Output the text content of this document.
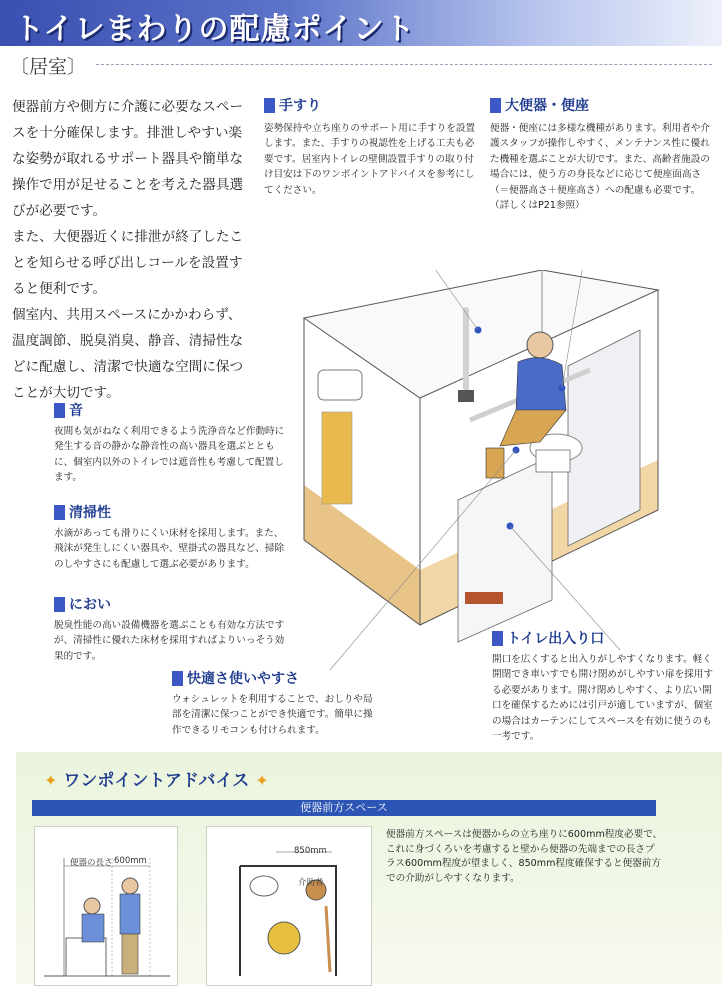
トイレまわりの配慮ポイント
〔居室〕

便器前方や側方に介護に必要なスペースを十分確保します。排泄しやすい楽な姿勢が取れるサポート器具や簡単な操作で用が足せることを考えた器具選びが必要です。

また、大便器近くに排泄が終了したことを知らせる呼び出しコールを設置すると便利です。

個室内、共用スペースにかかわらず、温度調節、脱臭消臭、静音、清掃性などに配慮し、清潔で快適な空間に保つことが大切です。

手すり
姿勢保持や立ち座りのサポート用に手すりを設置します。また、手すりの視認性を上げる工夫も必要です。居室内トイレの壁側設置手すりの取り付け目安は下のワンポイントアドバイスを参考にしてください。
大便器・便座
便器・便座には多様な機種があります。利用者や介護スタッフが操作しやすく、メンテナンス性に優れた機種を選ぶことが大切です。また、高齢者施設の場合には、使う方の身長などに応じて便座面高さ（＝便器高さ＋便座高さ）への配慮も必要です。（詳しくはP21参照）
音
夜間も気がねなく利用できるよう洗浄音など作動時に発生する音の静かな静音性の高い器具を選ぶとともに、個室内以外のトイレでは遮音性も考慮して配置します。
清掃性
水滴があっても滑りにくい床材を採用します。また、飛沫が発生しにくい器具や、壁掛式の器具など、掃除のしやすさにも配慮して選ぶ必要があります。
におい
脱臭性能の高い設備機器を選ぶことも有効な方法ですが、清掃性に優れた床材を採用すればよりいっそう効果的です。
快適さ使いやすさ
ウォシュレットを利用することで、おしりや局部を清潔に保つことができ快適です。簡単に操作できるリモコンも付けられます。
トイレ出入り口
開口を広くすると出入りがしやすくなります。軽く開閉でき車いすでも開け閉めがしやすい扉を採用する必要があります。開け閉めしやすく、より広い開口を確保するためには引戸が適していますが、個室の場合はカーテンにしてスペースを有効に使うのも一考です。
✦ ワンポイントアドバイス ✦
便器前方スペース
便器の長さ 600mm
850mm
介助者
便器前方スペースは便器からの立ち座りに600mm程度必要で、これに身づくろいを考慮すると壁から便器の先端までの長さプラス600mm程度が望ましく、850mm程度確保すると便器前方での介助がしやすくなります。
